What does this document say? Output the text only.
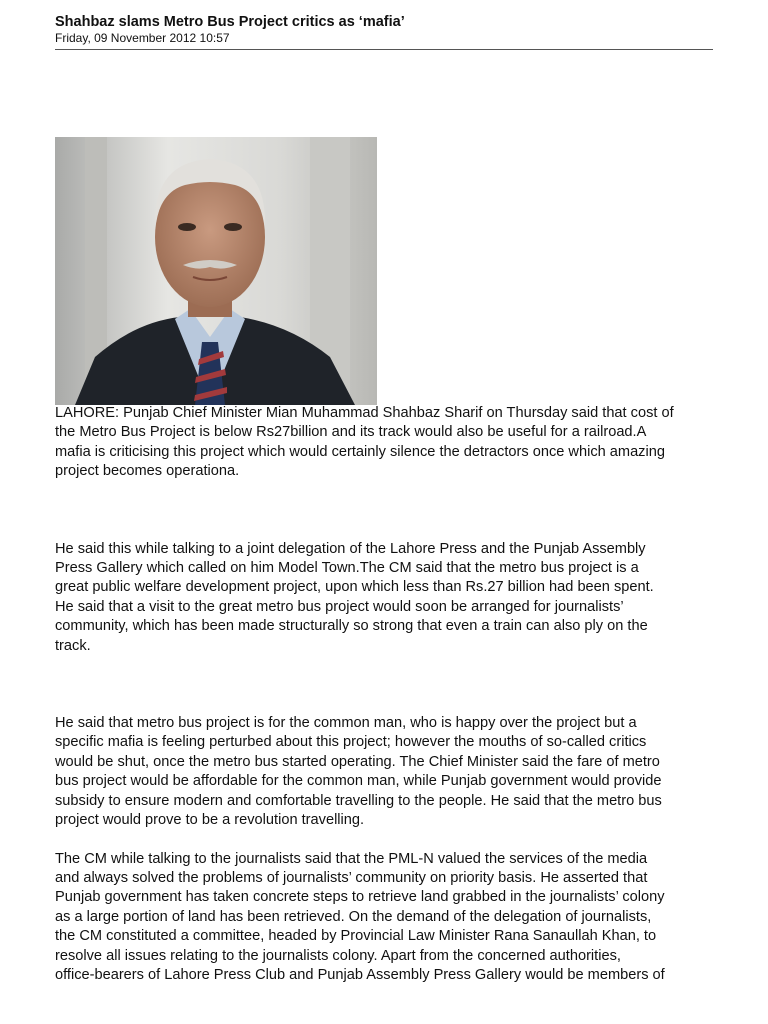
Shahbaz slams Metro Bus Project critics as ‘mafia’

Friday, 09 November 2012 10:57

LAHORE: Punjab Chief Minister Mian Muhammad Shahbaz Sharif on Thursday said that cost of
the Metro Bus Project is below Rs27billion and its track would also be useful for a railroad.A
mafia is criticising this project which would certainly silence the detractors once which amazing
project becomes operationa.

He said this while talking to a joint delegation of the Lahore Press and the Punjab Assembly
Press Gallery which called on him Model Town.The CM said that the metro bus project is a
great public welfare development project, upon which less than Rs.27 billion had been spent.
He said that a visit to the great metro bus project would soon be arranged for journalists’
community, which has been made structurally so strong that even a train can also ply on the
track.

He said that metro bus project is for the common man, who is happy over the project but a
specific mafia is feeling perturbed about this project; however the mouths of so-called critics
would be shut, once the metro bus started operating. The Chief Minister said the fare of metro
bus project would be affordable for the common man, while Punjab government would provide
subsidy to ensure modern and comfortable travelling to the people. He said that the metro bus
project would prove to be a revolution travelling.

The CM while talking to the journalists said that the PML-N valued the services of the media
and always solved the problems of journalists’ community on priority basis. He asserted that
Punjab government has taken concrete steps to retrieve land grabbed in the journalists’ colony
as a large portion of land has been retrieved. On the demand of the delegation of journalists,
the CM constituted a committee, headed by Provincial Law Minister Rana Sanaullah Khan, to
resolve all issues relating to the journalists colony. Apart from the concerned authorities,
office-bearers of Lahore Press Club and Punjab Assembly Press Gallery would be members of
